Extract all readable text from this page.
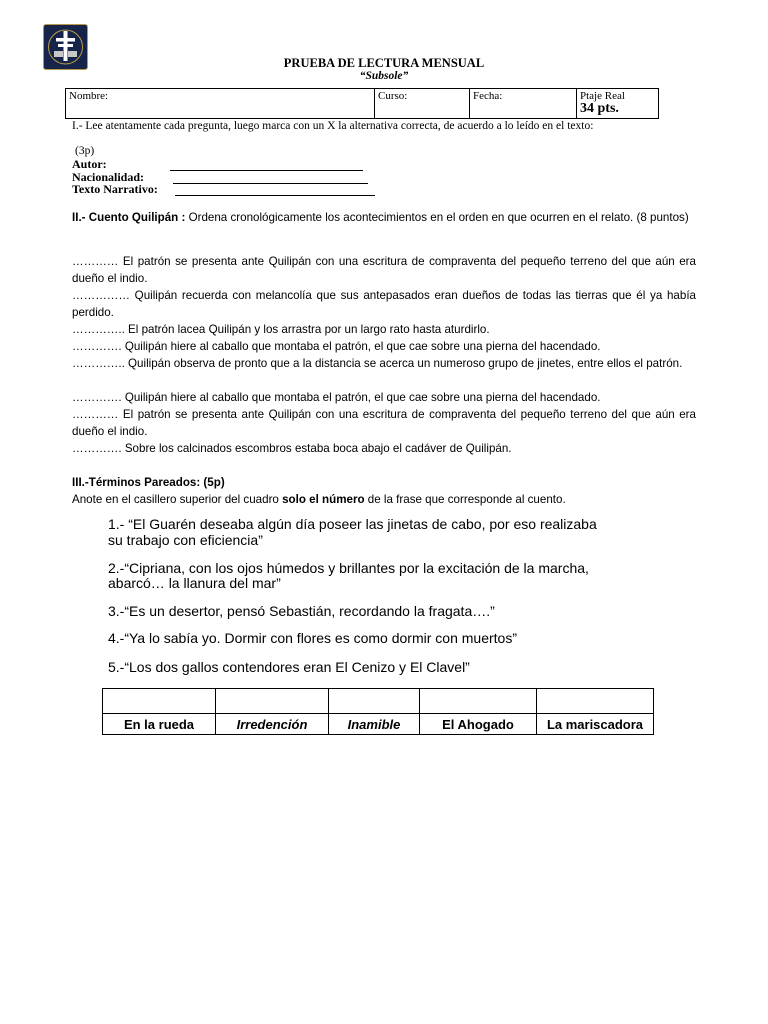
PRUEBA DE LECTURA MENSUAL
“Subsole”
Nombre:	Curso:	Fecha:	Ptaje Real
34 pts.
I.- Lee atentamente cada pregunta, luego marca con un X la alternativa correcta, de acuerdo a lo leído en el texto:
(3p)
Autor:
Nacionalidad:
Texto Narrativo:
II.- Cuento Quilipán : Ordena cronológicamente los acontecimientos en el orden en que ocurren en el relato. (8 puntos)
………… El patrón se presenta ante Quilipán con una escritura de compraventa del pequeño terreno del que aún era dueño el indio.
…………… Quilipán recuerda con melancolía que sus antepasados eran dueños de todas las tierras que él ya había perdido.
………….. El patrón lacea Quilipán y los arrastra por un largo rato hasta aturdirlo.
…………. Quilipán hiere al caballo que montaba el patrón, el que cae sobre una pierna del hacendado.
………….. Quilipán observa de pronto que a la distancia se acerca un numeroso grupo de jinetes, entre ellos el patrón.
…………. Quilipán hiere al caballo que montaba el patrón, el que cae sobre una pierna del hacendado.
………… El patrón se presenta ante Quilipán con una escritura de compraventa del pequeño terreno del que aún era dueño el indio.
…………. Sobre los calcinados escombros estaba boca abajo el cadáver de Quilipán.
III.-Términos Pareados: (5p)
Anote en el casillero superior del cuadro solo el número de la frase que corresponde al cuento.
1.- “El Guarén deseaba algún día poseer las jinetas de cabo, por eso realizaba
su trabajo con eficiencia”
2.-“Cipriana, con los ojos húmedos y brillantes por la excitación de la marcha,
abarcó… la llanura del mar”
3.-“Es un desertor, pensó Sebastián, recordando la fragata….”
4.-“Ya lo sabía yo. Dormir con flores es como dormir con muertos”
5.-“Los dos gallos contendores eran El Cenizo y El Clavel”

En la rueda	Irredención	Inamible	El Ahogado	La mariscadora
